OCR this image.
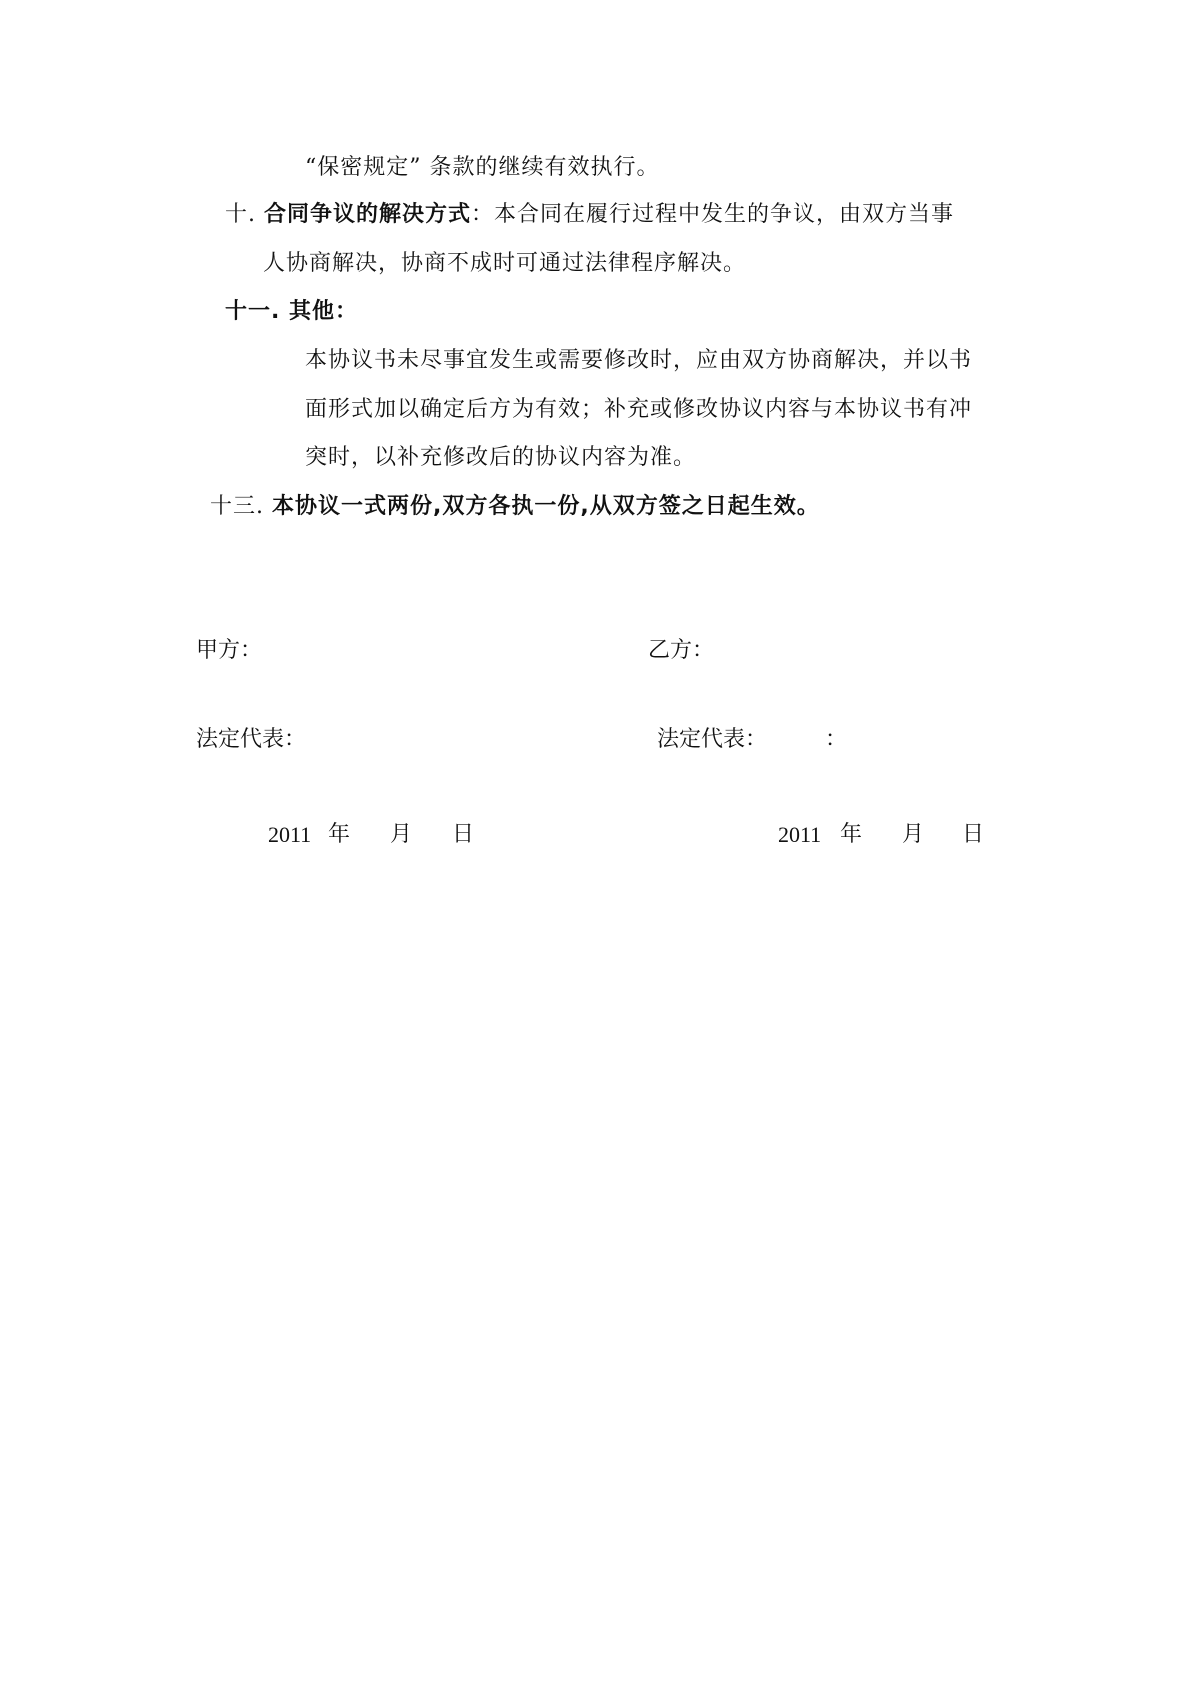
“保密规定” 条款的继续有效执行。
十. 合同争议的解决方式：本合同在履行过程中发生的争议，由双方当事
人协商解决，协商不成时可通过法律程序解决。
十一. 其他：
本协议书未尽事宜发生或需要修改时，应由双方协商解决，并以书
面形式加以确定后方为有效；补充或修改协议内容与本协议书有冲
突时，以补充修改后的协议内容为准。
十三. 本协议一式两份,双方各执一份,从双方签之日起生效。
甲方：
法定代表：
2011 年 月 日
乙方：
法定代表：	：
2011 年 月 日
